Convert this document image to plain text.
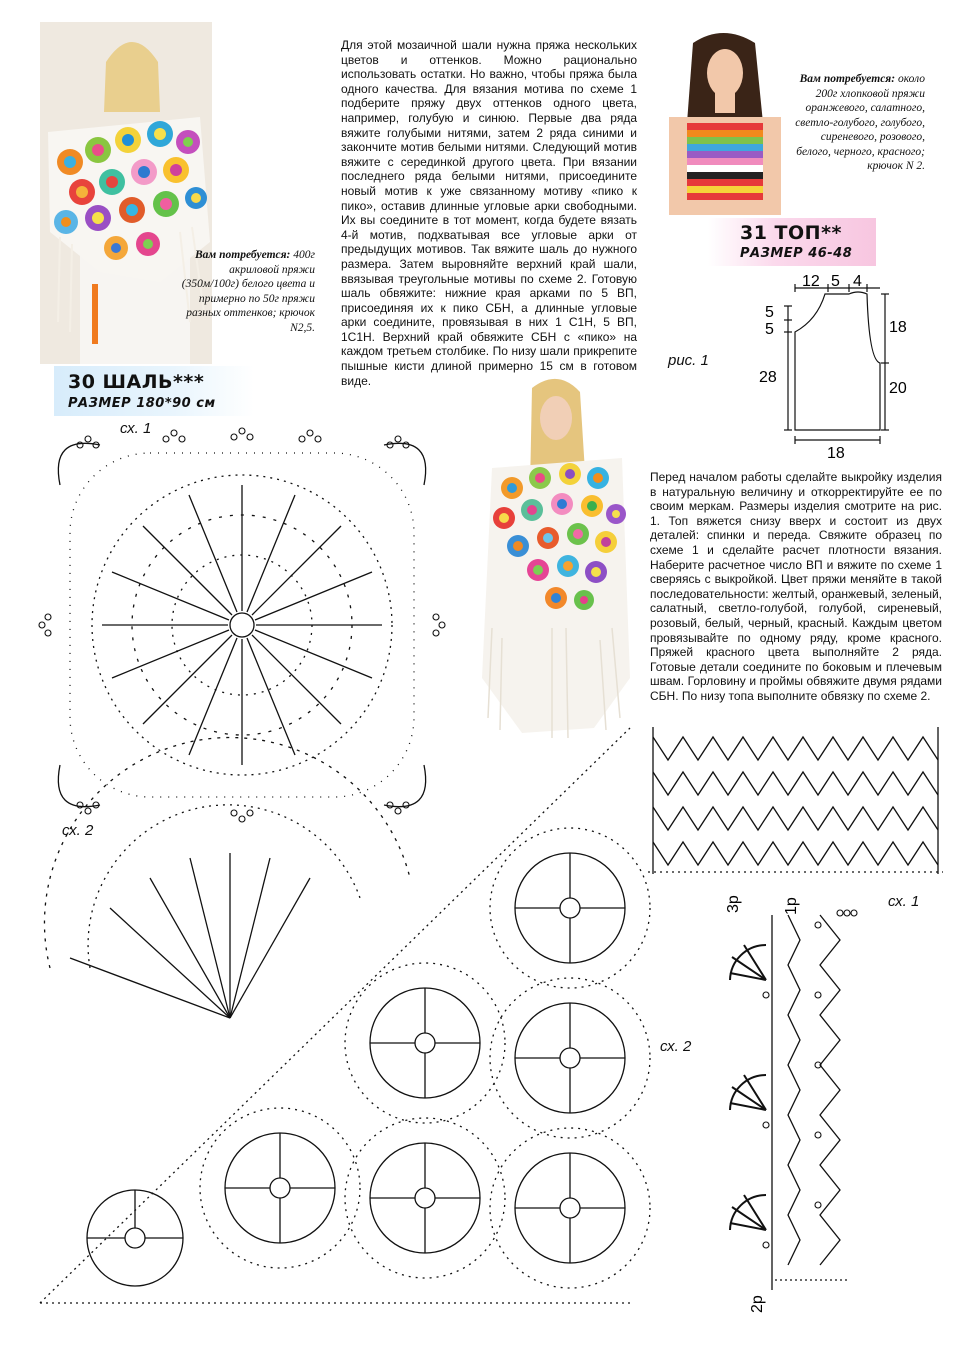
Вам потребуется: 400г акриловой пряжи (350м/100г) белого цвета и примерно по 50г пряжи разных оттенков; крючок N2,5.
Для этой мозаичной шали нужна пряжа нескольких цветов и оттенков. Можно рационально использовать остатки. Но важно, чтобы пряжа была одного качества. Для вязания мотива по схеме 1 подберите пряжу двух оттенков одного цвета, например, голубую и синюю. Первые два ряда вяжите голубыми нитями, затем 2 ряда синими и закончите мотив белыми нитями. Следующий мотив вяжите с серединкой другого цвета. При вязании последнего ряда белыми нитями, присоедините новый мотив к уже связанному мотиву «пико к пико», оставив длинные угловые арки свободными. Их вы соедините в тот момент, когда будете вязать 4-й мотив, подхватывая все угловые арки от предыдущих мотивов. Так вяжите шаль до нужного размера. Затем выровняйте верхний край шали, ввязывая треугольные мотивы по схеме 2. Готовую шаль обвяжите: нижние края арками по 5 ВП, присоединяя их к пико СБН, а длинные угловые арки соедините, провязывая в них 1 С1Н, 5 ВП, 1С1Н. Верхний край обвяжите СБН с «пико» на каждом третьем столбике. По низу шали прикрепите пышные кисти длиной примерно 15 см в готовом виде.
30 ШАЛЬ***
РАЗМЕР 180*90 см
Вам потребуется: около 200г хлопковой пряжи оранжевого, салатного, светло-голубого, голубого, сиреневого, розового, белого, черного, красного; крючок N 2.
31 ТОП**
РАЗМЕР 46-48
рис. 1
12 5 4
5
5	18
28
20
18
Перед началом работы сделайте выкройку изделия в натуральную величину и откорректируйте ее по своим меркам. Размеры изделия смотрите на рис. 1. Топ вяжется снизу вверх и состоит из двух деталей: спинки и переда. Свяжите образец по схеме 1 и сделайте расчет плотности вязания. Наберите расчетное число ВП и вяжите по схеме 1 сверяясь с выкройкой. Цвет пряжи меняйте в такой последовательности: желтый, оранжевый, зеленый, салатный, светло-голубой, голубой, сиреневый, розовый, белый, черный, красный. Каждым цветом провязывайте по одному ряду, кроме красного. Пряжей красного цвета выполняйте 2 ряда. Готовые детали соедините по боковым и плечевым швам. Горловину и проймы обвяжите двумя рядами СБН. По низу топа выполните обвязку по схеме 2.
сх. 1
сх. 2
сх. 1
сх. 2
3р	1р
2р
